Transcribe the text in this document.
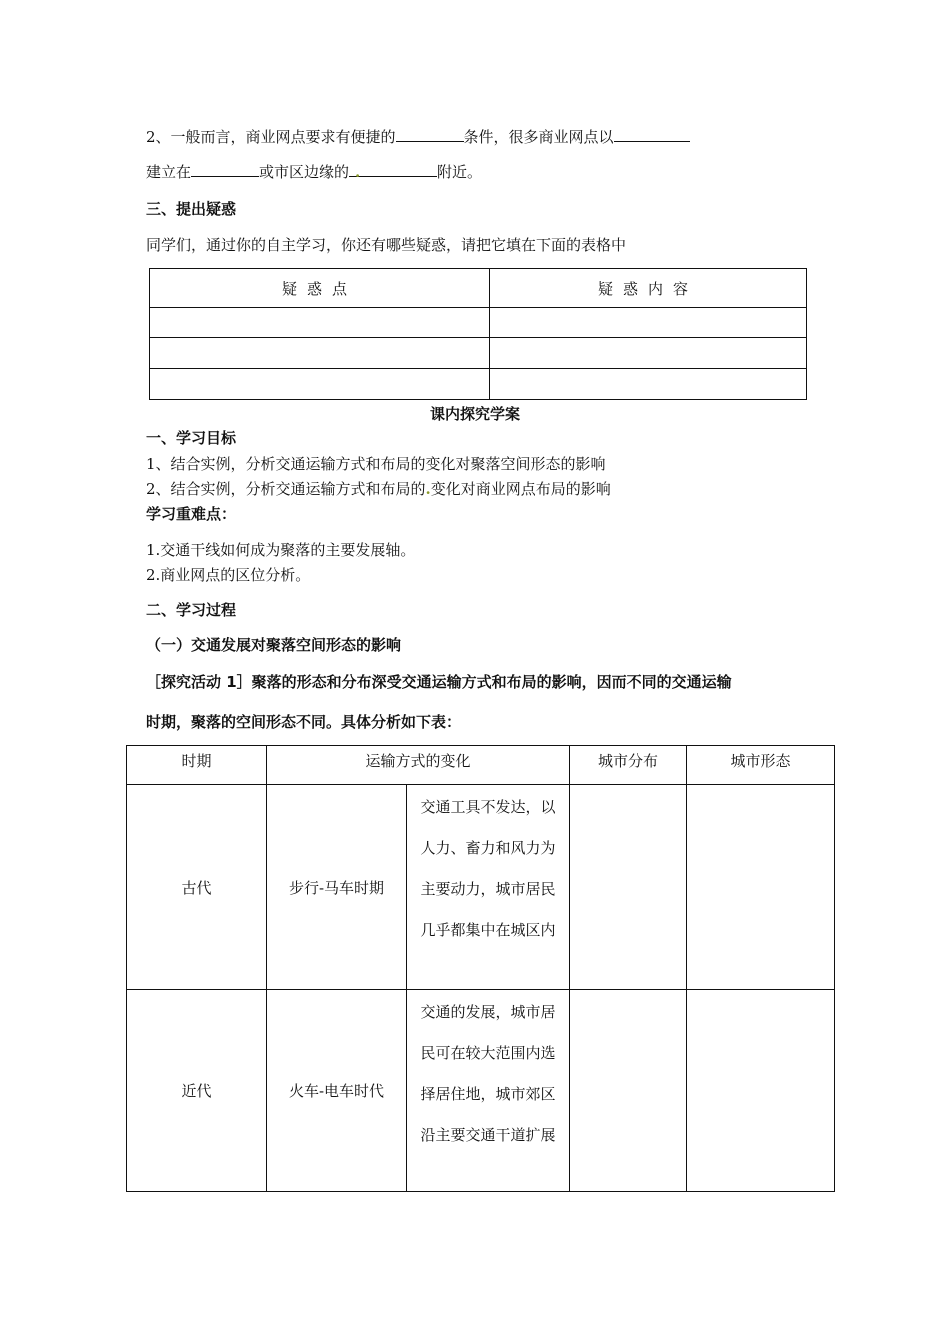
2、一般而言，商业网点要求有便捷的	条件，很多商业网点以
建立在	或市区边缘的 .	附近。
三、提出疑惑
同学们，通过你的自主学习，你还有哪些疑惑，请把它填在下面的表格中
疑惑点	疑惑内容

课内探究学案
一、学习目标
1、结合实例，分析交通运输方式和布局的变化对聚落空间形态的影响
2、结合实例，分析交通运输方式和布局的.变化对商业网点布局的影响
学习重难点：
1.交通干线如何成为聚落的主要发展轴。
2.商业网点的区位分析。
二、学习过程
（一）交通发展对聚落空间形态的影响
［探究活动 1］聚落的形态和分布深受交通运输方式和布局的影响，因而不同的交通运输
时期，聚落的空间形态不同。具体分析如下表：
时期	运输方式的变化		城市分布	城市形态
古代	步行-马车时期	交通工具不发达，以人力、畜力和风力为主要动力，城市居民几乎都集中在城区内		
近代	火车-电车时代	交通的发展，城市居民可在较大范围内选择居住地，城市郊区沿主要交通干道扩展		
